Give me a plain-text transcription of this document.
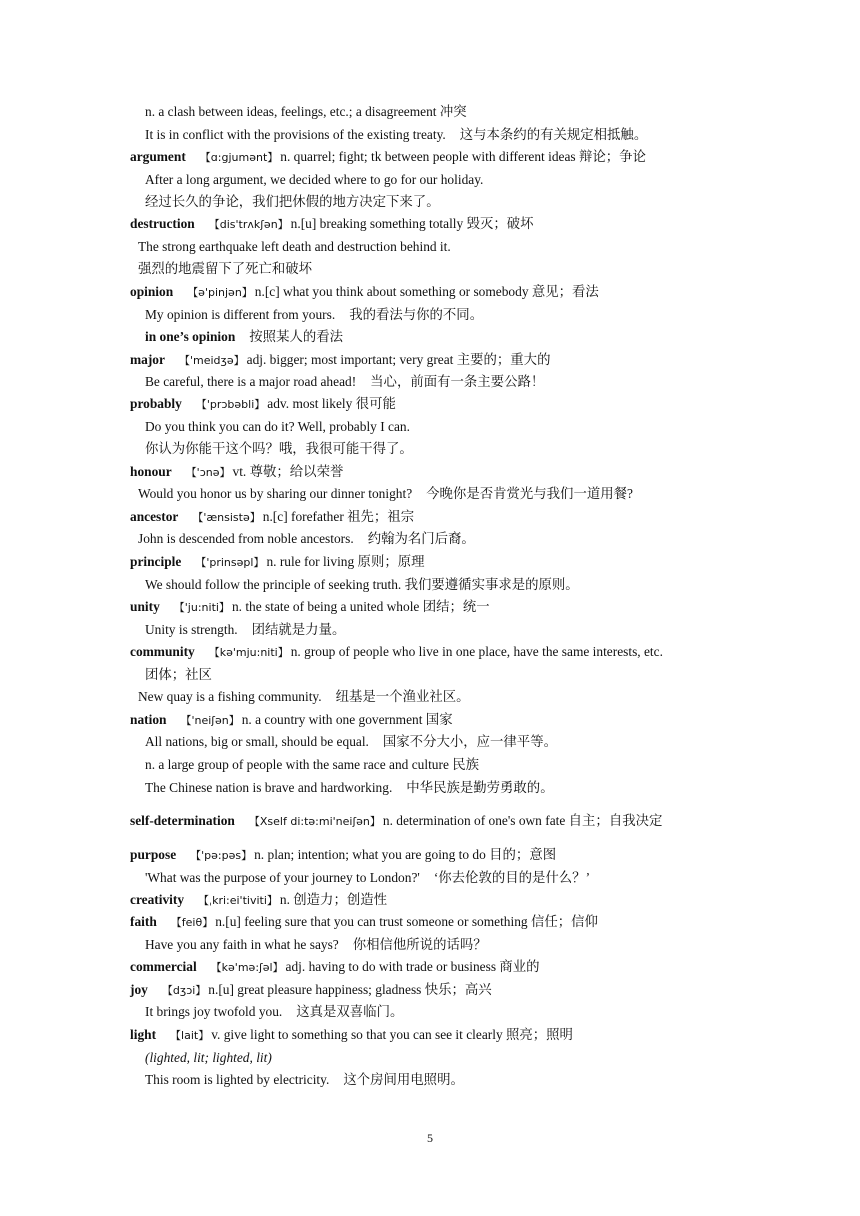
n. a clash between ideas, feelings, etc.; a disagreement 冲突
It is in conflict with the provisions of the existing treaty. 这与本条约的有关规定相抵触。
argument 【ɑ:gjumənt】 n. quarrel; fight; tk between people with different ideas 辩论；争论
After a long argument, we decided where to go for our holiday.
经过长久的争论，我们把休假的地方决定下来了。
destruction 【dis'trʌkʃən】 n.[u] breaking something totally 毁灭；破坏
The strong earthquake left death and destruction behind it.
强烈的地震留下了死亡和破坏
opinion 【ə'pinjən】 n.[c] what you think about something or somebody 意见；看法
My opinion is different from yours. 我的看法与你的不同。
in one’s opinion 按照某人的看法
major 【'meidʒə】 adj. bigger; most important; very great 主要的；重大的
Be careful, there is a major road ahead! 当心，前面有一条主要公路！
probably 【'prɔbəbli】 adv. most likely 很可能
Do you think you can do it? Well, probably I can.
你认为你能干这个吗？哦，我很可能干得了。
honour 【'ɔnə】 vt. 尊敬；给以荣誉
Would you honor us by sharing our dinner tonight? 今晚你是否肯赏光与我们一道用餐?
ancestor 【'ænsistə】 n.[c] forefather 祖先；祖宗
John is descended from noble ancestors. 约翰为名门后裔。
principle 【'prinsəpl】 n. rule for living 原则；原理
We should follow the principle of seeking truth. 我们要遵循实事求是的原则。
unity 【'ju:niti】 n. the state of being a united whole 团结；统一
Unity is strength. 团结就是力量。
community 【kə'mju:niti】 n. group of people who live in one place, have the same interests, etc.
团体；社区
New quay is a fishing community. 纽基是一个渔业社区。
nation 【'neiʃən】 n. a country with one government 国家
All nations, big or small, should be equal. 国家不分大小，应一律平等。
n. a large group of people with the same race and culture 民族
The Chinese nation is brave and hardworking. 中华民族是勤劳勇敢的。
self-determination 【Xself di:tə:mi'neiʃən】 n. determination of one's own fate 自主；自我决定
purpose 【'pə:pəs】 n. plan; intention; what you are going to do 目的；意图
'What was the purpose of your journey to London?' ‘你去伦敦的目的是什么？’
creativity 【ˌkri:ei'tiviti】 n. 创造力；创造性
faith 【feiθ】 n.[u] feeling sure that you can trust someone or something 信任；信仰
Have you any faith in what he says? 你相信他所说的话吗？
commercial 【kə'mə:ʃəl】 adj. having to do with trade or business 商业的
joy 【dʒɔi】 n.[u] great pleasure happiness; gladness 快乐；高兴
It brings joy twofold you. 这真是双喜临门。
light 【lait】 v. give light to something so that you can see it clearly 照亮；照明
(lighted, lit; lighted, lit)
This room is lighted by electricity. 这个房间用电照明。
5
